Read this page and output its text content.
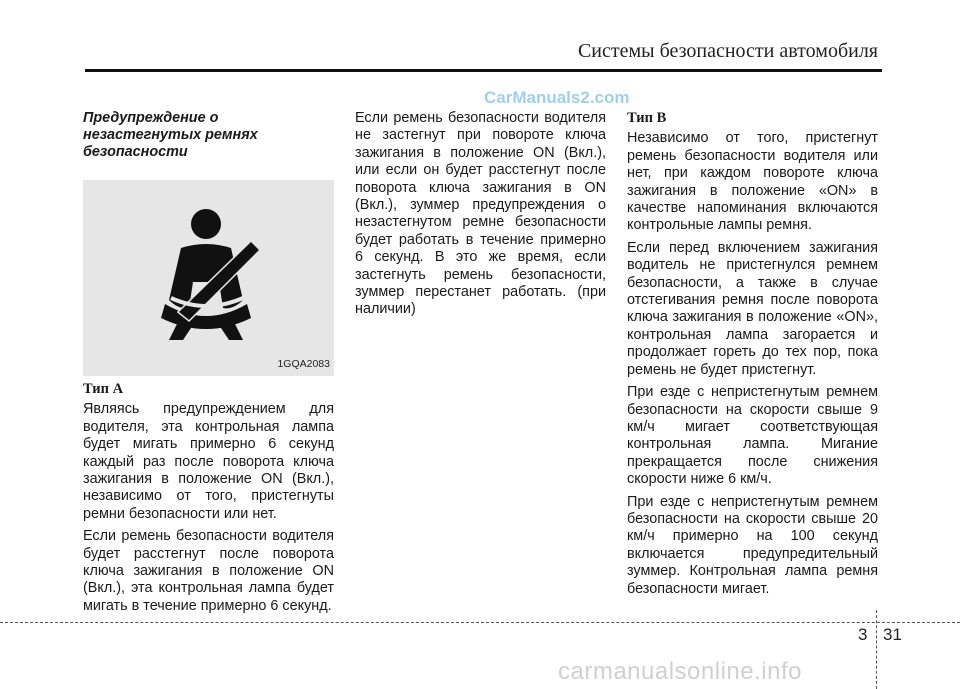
Системы безопасности автомобиля
CarManuals2.com
Предупреждение о незастегнутых ремнях безопасности
1GQA2083
Тип A

Являясь предупреждением для водителя, эта контрольная лампа будет мигать примерно 6 секунд каждый раз после поворота ключа зажигания в положение ON (Вкл.), независимо от того, пристегнуты ремни безопасности или нет.

Если ремень безопасности водителя будет расстегнут после поворота ключа зажигания в положение ON (Вкл.), эта контрольная лампа будет мигать в течение примерно 6 секунд.

Если ремень безопасности водителя не застегнут при повороте ключа зажигания в положение ON (Вкл.), или если он будет расстегнут после поворота ключа зажигания в ON (Вкл.), зуммер предупреждения о незастегнутом ремне безопасности будет работать в течение примерно 6 секунд. В это же время, если застегнуть ремень безопасности, зуммер перестанет работать. (при наличии)

Тип B

Независимо от того, пристегнут ремень безопасности водителя или нет, при каждом повороте ключа зажигания в положение «ON» в качестве напоминания включаются контрольные лампы ремня.

Если перед включением зажигания водитель не пристегнулся ремнем безопасности, а также в случае отстегивания ремня после поворота ключа зажигания в положение «ON», контрольная лампа загорается и продолжает гореть до тех пор, пока ремень не будет пристегнут.

При езде с непристегнутым ремнем безопасности на скорости свыше 9 км/ч мигает соответствующая контрольная лампа. Мигание прекращается после снижения скорости ниже 6 км/ч.

При езде с непристегнутым ремнем безопасности на скорости свыше 20 км/ч примерно на 100 секунд включается предупредительный зуммер. Контрольная лампа ремня безопасности мигает.

3 31
carmanualsonline.info
